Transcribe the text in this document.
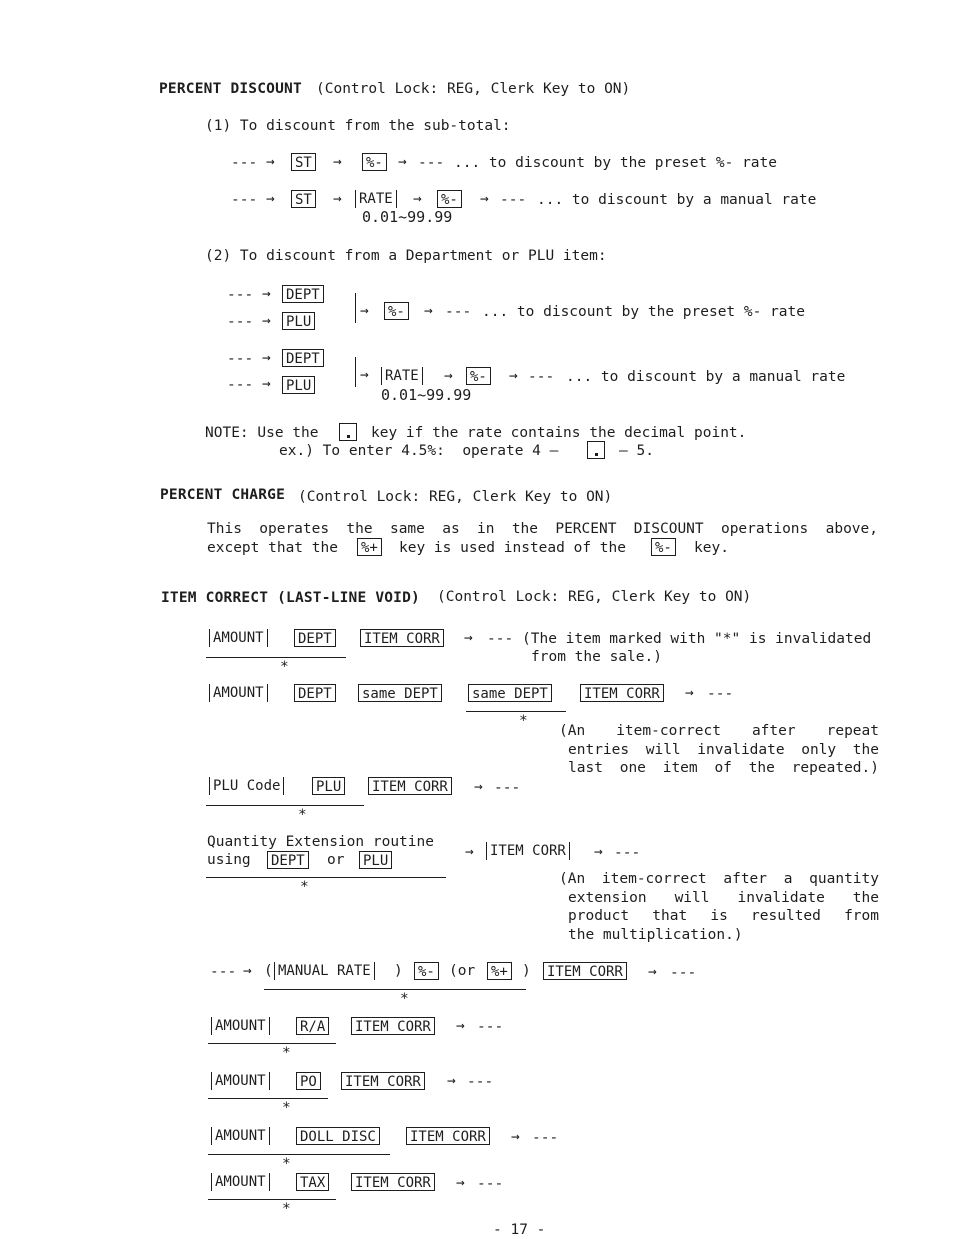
PERCENT DISCOUNT (Control Lock: REG, Clerk Key to ON)
(1) To discount from the sub-total:
--- → ST → %- → --- ... to discount by the preset %- rate
--- → ST → RATE → %- → --- ... to discount by a manual rate
0.01~99.99
(2) To discount from a Department or PLU item:
--- → DEPT
--- → PLU
→ %- → --- ... to discount by the preset %- rate
--- → DEPT
--- → PLU
→ RATE → %- → --- ... to discount by a manual rate
0.01~99.99
NOTE: Use the	key if the rate contains the decimal point.
ex.) To enter 4.5%:  operate 4 –	– 5.
PERCENT CHARGE (Control Lock: REG, Clerk Key to ON)
This operates the same as in the PERCENT DISCOUNT operations above,
except that the %+ key is used instead of the %- key.
ITEM CORRECT (LAST-LINE VOID) (Control Lock: REG, Clerk Key to ON)
AMOUNT DEPT ITEM CORR → --- (The item marked with "*" is invalidated
from the sale.)
*
AMOUNT DEPT same DEPT same DEPT	ITEM CORR → ---
*
(An item-correct after repeat
entries will invalidate only the
last one item of the repeated.)
PLU Code	PLU ITEM CORR → ---
*
Quantity Extension routine
using DEPT or PLU
→ ITEM CORR → ---
*	(An item-correct after a quantity
extension will invalidate the
product that is resulted from
the multiplication.)
--- → ( MANUAL RATE ) %- (or %+ ) ITEM CORR → ---
*
AMOUNT R/A ITEM CORR → ---
*
AMOUNT PO ITEM CORR → ---
*
AMOUNT DOLL DISC ITEM CORR → ---
*
AMOUNT TAX ITEM CORR → ---
*
- 17 -
